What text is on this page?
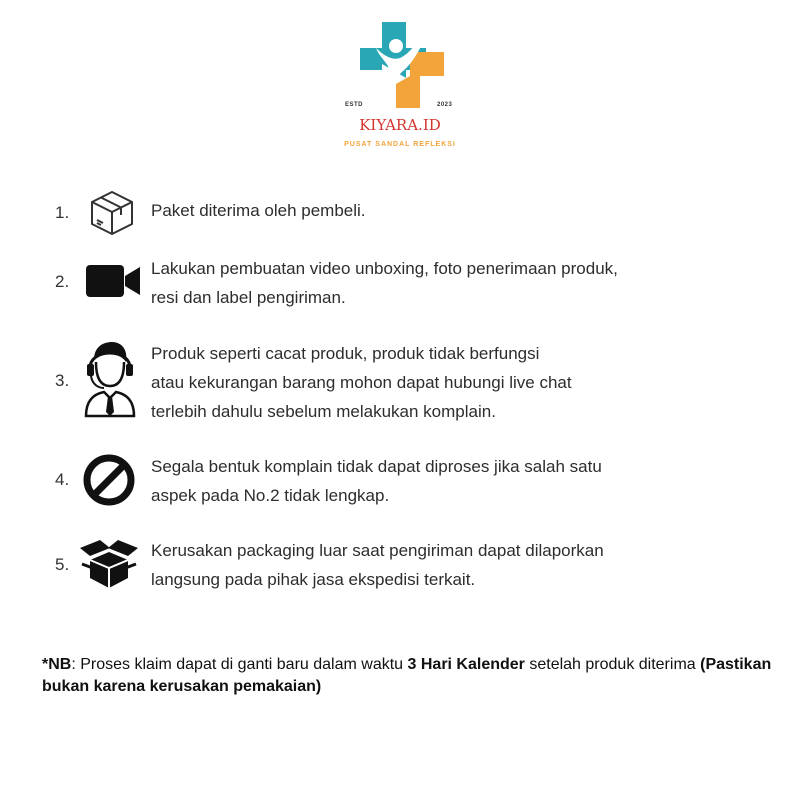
ESTD	2023
KIYARA.ID
PUSAT SANDAL REFLEKSI
1.	Paket diterima oleh pembeli.
2.
Lakukan pembuatan video unboxing, foto penerimaan produk,
resi dan label pengiriman.
3.
Produk seperti cacat produk, produk tidak berfungsi
atau kekurangan barang mohon dapat hubungi live chat
terlebih dahulu sebelum melakukan komplain.
4.
Segala bentuk komplain tidak dapat diproses jika salah satu
aspek pada No.2 tidak lengkap.
5.
Kerusakan packaging luar saat pengiriman dapat dilaporkan
langsung pada pihak jasa ekspedisi terkait.
*NB: Proses klaim dapat di ganti baru dalam waktu 3 Hari Kalender setelah produk diterima (Pastikan bukan karena kerusakan pemakaian)
